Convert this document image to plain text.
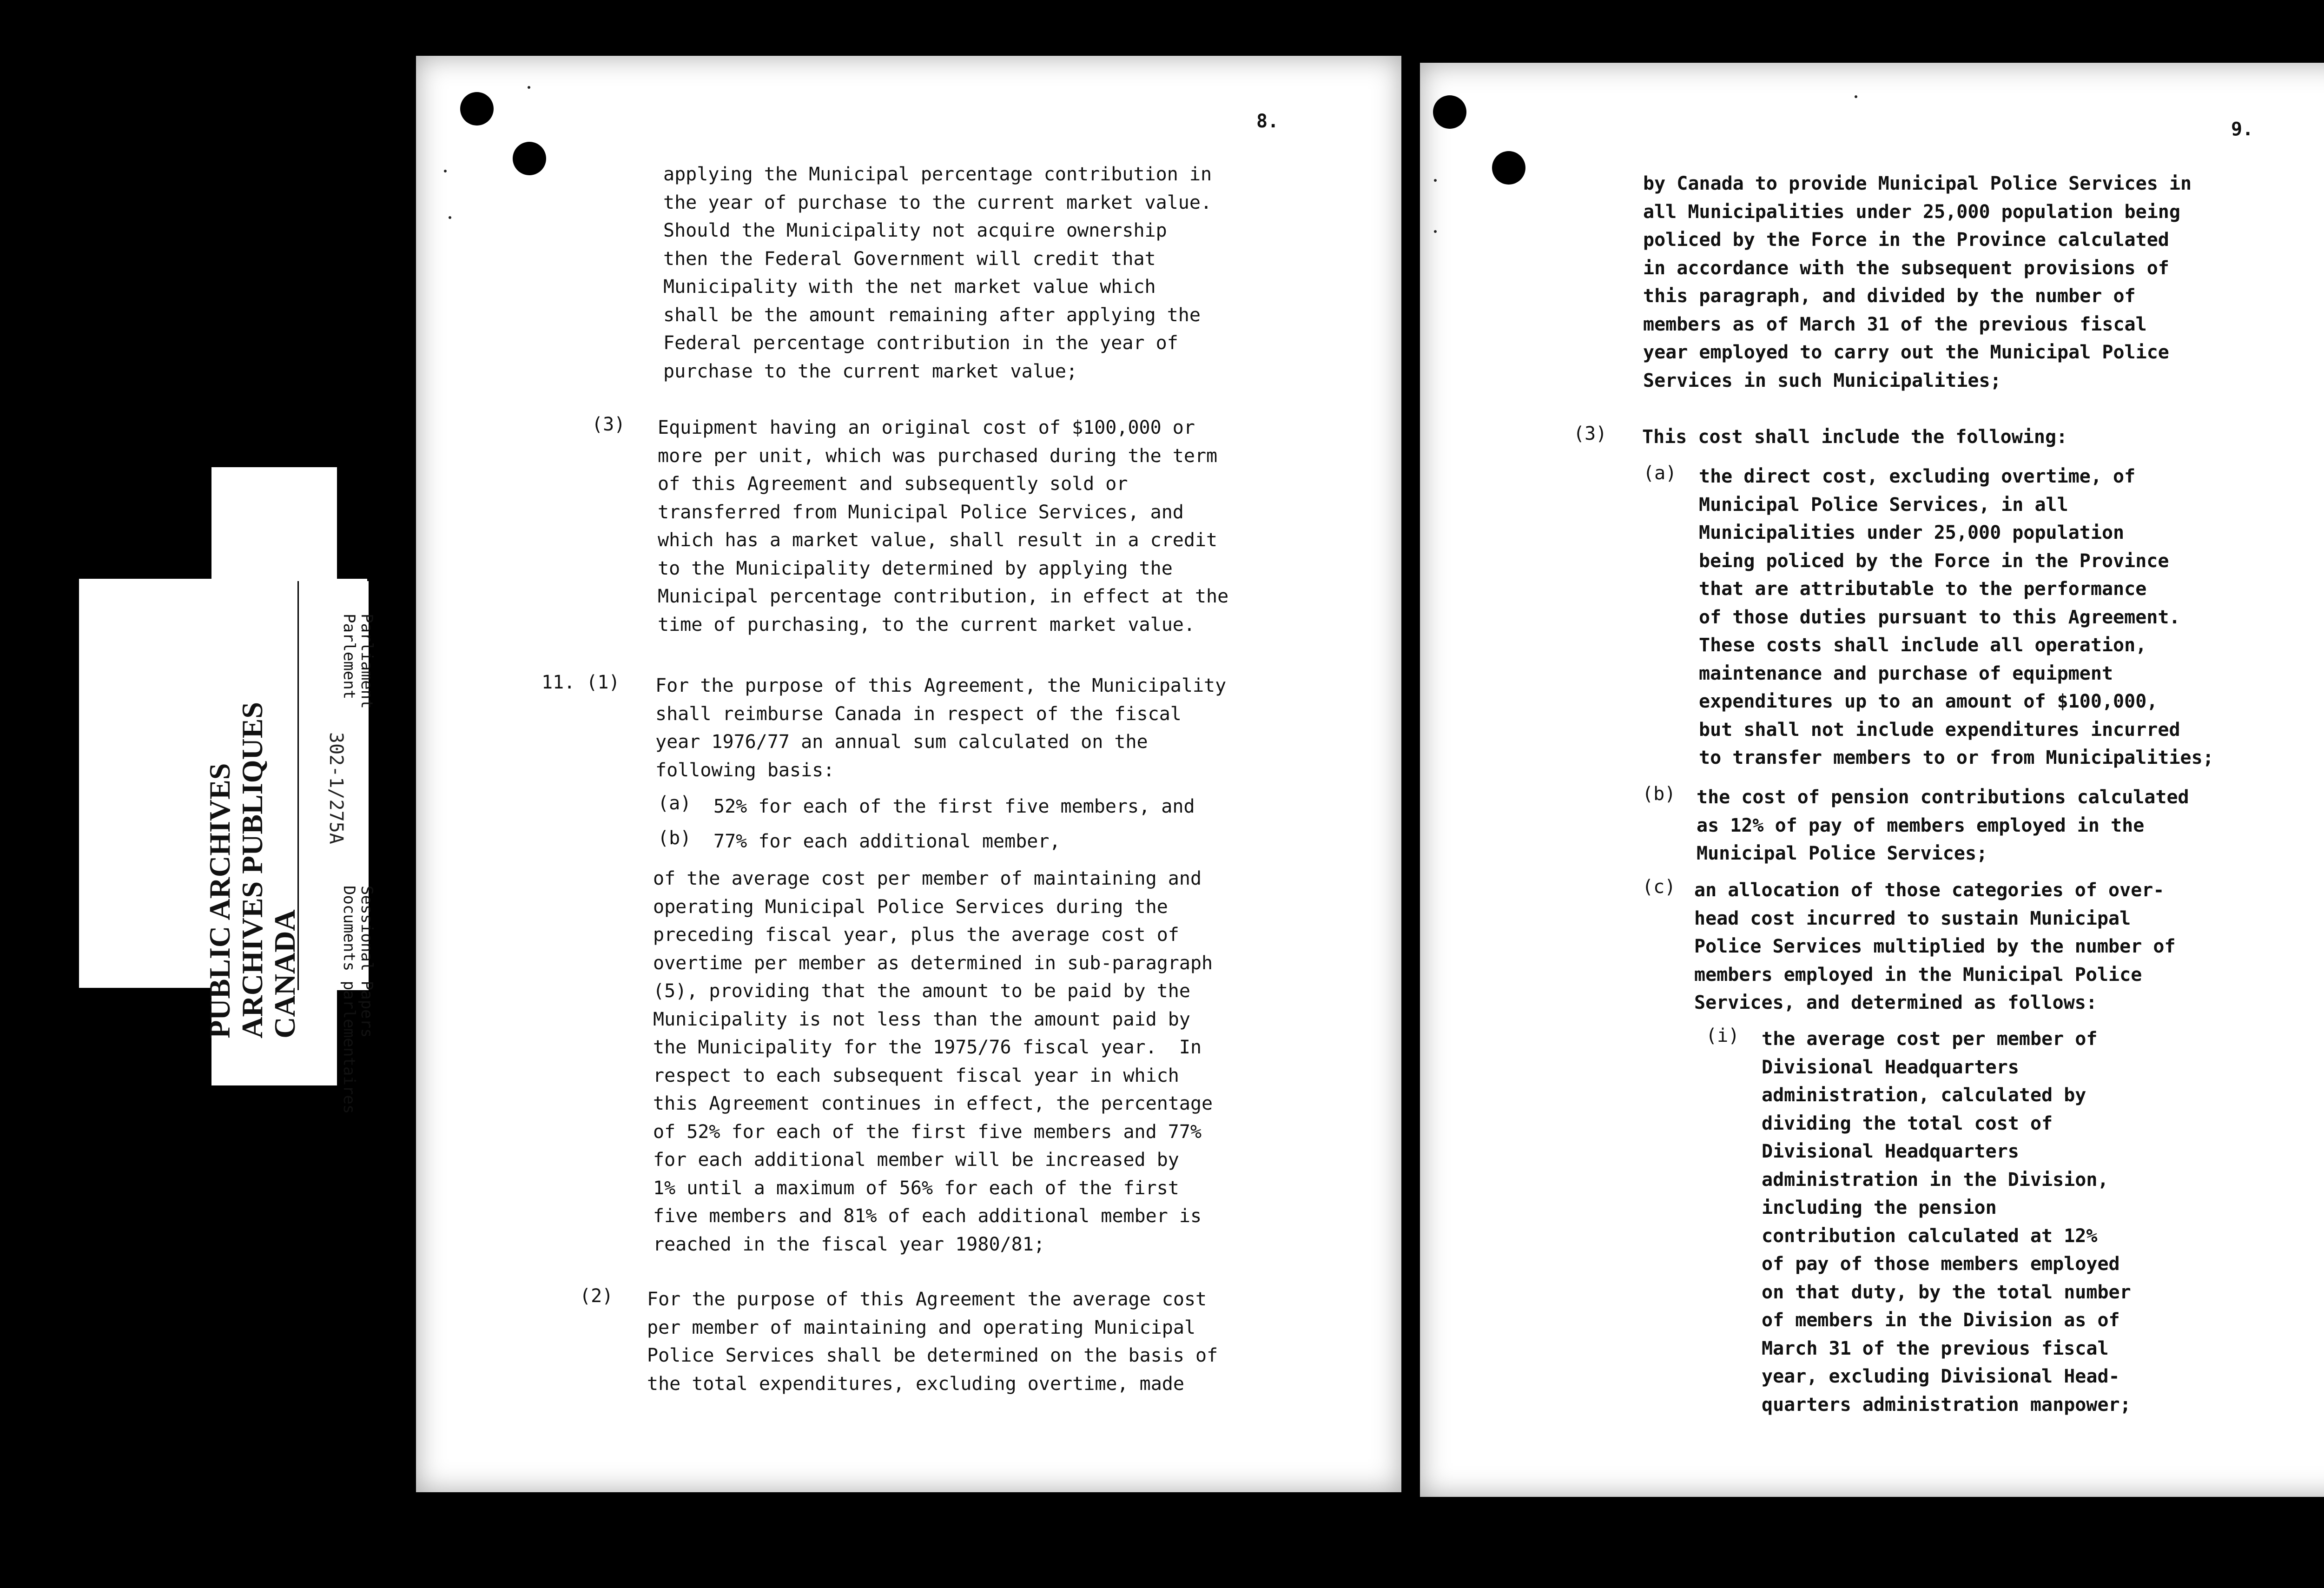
PUBLIC ARCHIVES ARCHIVES PUBLIQUES CANADA
Parliament
Parlement
302-1/275A
Sessional Papers
Documents parlementaires
8.
applying the Municipal percentage contribution in
the year of purchase to the current market value.
Should the Municipality not acquire ownership
then the Federal Government will credit that
Municipality with the net market value which
shall be the amount remaining after applying the
Federal percentage contribution in the year of
purchase to the current market value;
(3) Equipment having an original cost of $100,000 or
more per unit, which was purchased during the term
of this Agreement and subsequently sold or
transferred from Municipal Police Services, and
which has a market value, shall result in a credit
to the Municipality determined by applying the
Municipal percentage contribution, in effect at the
time of purchasing, to the current market value.
11. (1) For the purpose of this Agreement, the Municipality
shall reimburse Canada in respect of the fiscal
year 1976/77 an annual sum calculated on the
following basis:
(a) 52% for each of the first five members, and
(b) 77% for each additional member,
of the average cost per member of maintaining and
operating Municipal Police Services during the
preceding fiscal year, plus the average cost of
overtime per member as determined in sub-paragraph
(5), providing that the amount to be paid by the
Municipality is not less than the amount paid by
the Municipality for the 1975/76 fiscal year.  In
respect to each subsequent fiscal year in which
this Agreement continues in effect, the percentage
of 52% for each of the first five members and 77%
for each additional member will be increased by
1% until a maximum of 56% for each of the first
five members and 81% of each additional member is
reached in the fiscal year 1980/81;
(2) For the purpose of this Agreement the average cost
per member of maintaining and operating Municipal
Police Services shall be determined on the basis of
the total expenditures, excluding overtime, made
9.
by Canada to provide Municipal Police Services in
all Municipalities under 25,000 population being
policed by the Force in the Province calculated
in accordance with the subsequent provisions of
this paragraph, and divided by the number of
members as of March 31 of the previous fiscal
year employed to carry out the Municipal Police
Services in such Municipalities;
(3) This cost shall include the following:
(a) the direct cost, excluding overtime, of
Municipal Police Services, in all
Municipalities under 25,000 population
being policed by the Force in the Province
that are attributable to the performance
of those duties pursuant to this Agreement.
These costs shall include all operation,
maintenance and purchase of equipment
expenditures up to an amount of $100,000,
but shall not include expenditures incurred
to transfer members to or from Municipalities;
(b) the cost of pension contributions calculated
as 12% of pay of members employed in the
Municipal Police Services;
(c) an allocation of those categories of over-
head cost incurred to sustain Municipal
Police Services multiplied by the number of
members employed in the Municipal Police
Services, and determined as follows:
(i) the average cost per member of
Divisional Headquarters
administration, calculated by
dividing the total cost of
Divisional Headquarters
administration in the Division,
including the pension
contribution calculated at 12%
of pay of those members employed
on that duty, by the total number
of members in the Division as of
March 31 of the previous fiscal
year, excluding Divisional Head-
quarters administration manpower;
